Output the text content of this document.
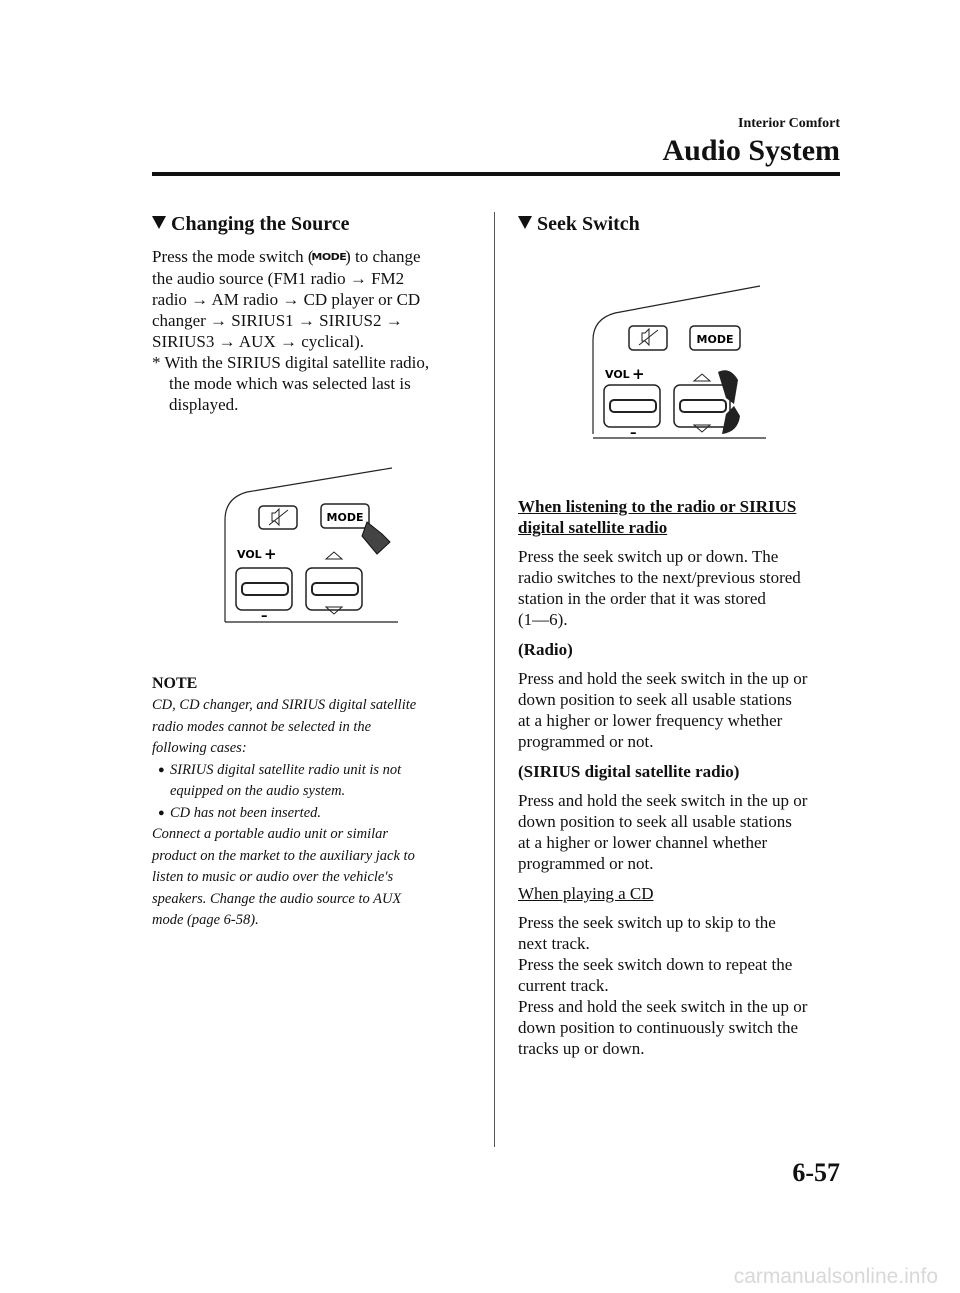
Interior Comfort
Audio System
Changing the Source

Press the mode switch (MODE) to change

the audio source (FM1 radio → FM2

radio → AM radio → CD player or CD

changer → SIRIUS1 → SIRIUS2 →

SIRIUS3 → AUX → cyclical).

* With the SIRIUS digital satellite radio,

the mode which was selected last is

displayed.

MODE
VOL +
–
NOTE

CD, CD changer, and SIRIUS digital satellite

radio modes cannot be selected in the

following cases:

● SIRIUS digital satellite radio unit is not

equipped on the audio system.

● CD has not been inserted.

Connect a portable audio unit or similar

product on the market to the auxiliary jack to

listen to music or audio over the vehicle's

speakers. Change the audio source to AUX

mode (page 6-58).

Seek Switch
MODE
VOL +
–

When listening to the radio or SIRIUS

digital satellite radio

Press the seek switch up or down. The

radio switches to the next/previous stored

station in the order that it was stored

(1―6).

(Radio)

Press and hold the seek switch in the up or

down position to seek all usable stations

at a higher or lower frequency whether

programmed or not.

(SIRIUS digital satellite radio)

Press and hold the seek switch in the up or

down position to seek all usable stations

at a higher or lower channel whether

programmed or not.

When playing a CD

Press the seek switch up to skip to the

next track.

Press the seek switch down to repeat the

current track.

Press and hold the seek switch in the up or

down position to continuously switch the

tracks up or down.

6-57
carmanualsonline.info
